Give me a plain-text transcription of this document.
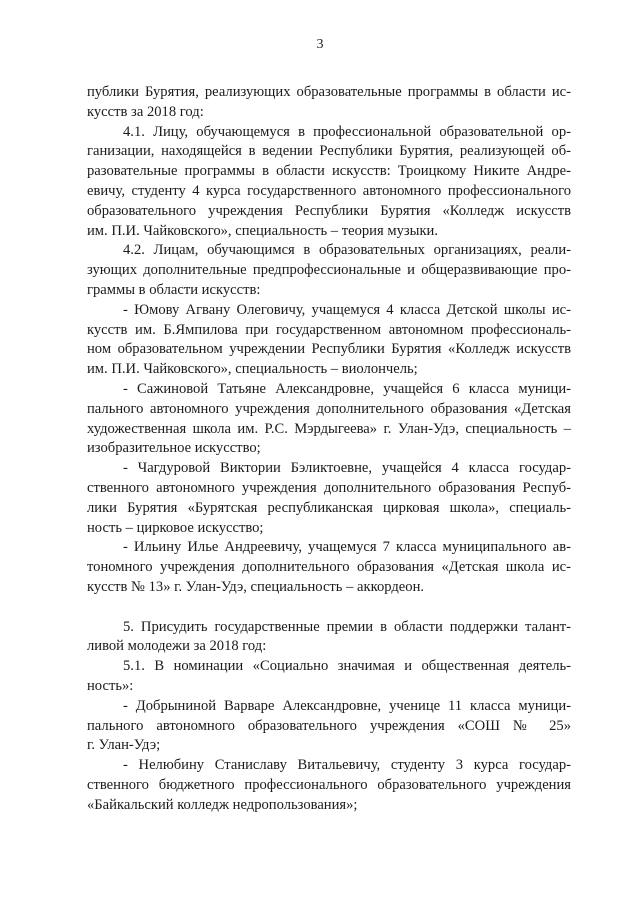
3
публики Бурятия, реализующих образовательные программы в области ис-
кусств за 2018 год:
4.1. Лицу, обучающемуся в профессиональной образовательной ор-
ганизации, находящейся в ведении Республики Бурятия, реализующей об-
разовательные программы в области искусств: Троицкому Никите Андре-
евичу, студенту 4 курса государственного автономного профессионального
образовательного учреждения Республики Бурятия «Колледж искусств
им. П.И. Чайковского», специальность – теория музыки.
4.2. Лицам, обучающимся в образовательных организациях, реали-
зующих дополнительные предпрофессиональные и общеразвивающие про-
граммы в области искусств:
- Юмову Агвану Олеговичу, учащемуся 4 класса Детской школы ис-
кусств им. Б.Ямпилова при государственном автономном профессиональ-
ном образовательном учреждении Республики Бурятия «Колледж искусств
им. П.И. Чайковского», специальность – виолончель;
- Сажиновой Татьяне Александровне, учащейся 6 класса муници-
пального автономного учреждения дополнительного образования «Детская
художественная школа им. Р.С. Мэрдыгеева» г. Улан-Удэ, специальность –
изобразительное искусство;
- Чагдуровой Виктории Бэликтоевне, учащейся 4 класса государ-
ственного автономного учреждения дополнительного образования Респуб-
лики Бурятия «Бурятская республиканская цирковая школа», специаль-
ность – цирковое искусство;
- Ильину Илье Андреевичу, учащемуся 7 класса муниципального ав-
тономного учреждения дополнительного образования «Детская школа ис-
кусств № 13» г. Улан-Удэ, специальность – аккордеон.
5. Присудить государственные премии в области поддержки талант-
ливой молодежи за 2018 год:
5.1. В номинации «Социально значимая и общественная деятель-
ность»:
- Добрыниной Варваре Александровне, ученице 11 класса муници-
пального автономного образовательного учреждения «СОШ № 25»
г. Улан-Удэ;
- Нелюбину Станиславу Витальевичу, студенту 3 курса государ-
ственного бюджетного профессионального образовательного учреждения
«Байкальский колледж недропользования»;
